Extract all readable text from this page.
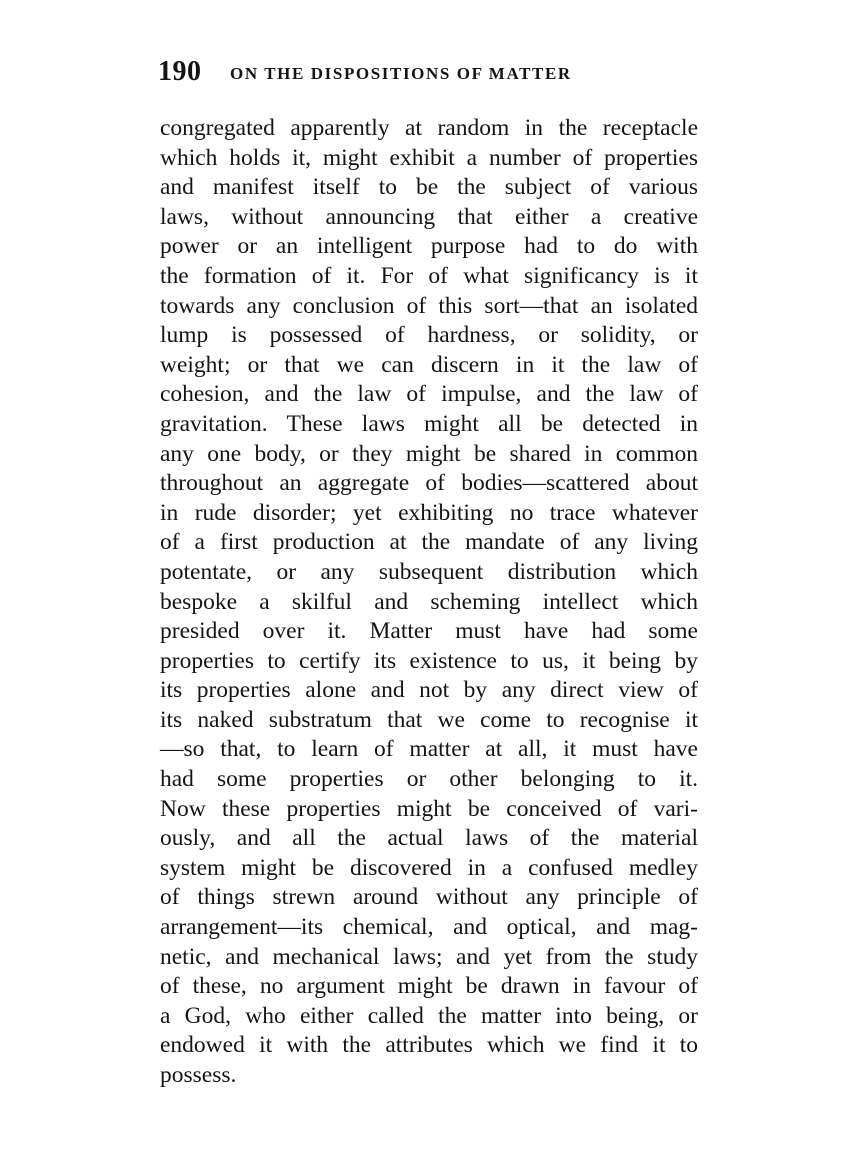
190 ON THE DISPOSITIONS OF MATTER
congregated apparently at random in the receptacle
which holds it, might exhibit a number of properties
and manifest itself to be the subject of various
laws, without announcing that either a creative
power or an intelligent purpose had to do with
the formation of it. For of what significancy is it
towards any conclusion of this sort—that an isolated
lump is possessed of hardness, or solidity, or
weight; or that we can discern in it the law of
cohesion, and the law of impulse, and the law of
gravitation. These laws might all be detected in
any one body, or they might be shared in common
throughout an aggregate of bodies—scattered about
in rude disorder; yet exhibiting no trace whatever
of a first production at the mandate of any living
potentate, or any subsequent distribution which
bespoke a skilful and scheming intellect which
presided over it. Matter must have had some
properties to certify its existence to us, it being by
its properties alone and not by any direct view of
its naked substratum that we come to recognise it
—so that, to learn of matter at all, it must have
had some properties or other belonging to it.
Now these properties might be conceived of vari-
ously, and all the actual laws of the material
system might be discovered in a confused medley
of things strewn around without any principle of
arrangement—its chemical, and optical, and mag-
netic, and mechanical laws; and yet from the study
of these, no argument might be drawn in favour of
a God, who either called the matter into being, or
endowed it with the attributes which we find it to
possess.
